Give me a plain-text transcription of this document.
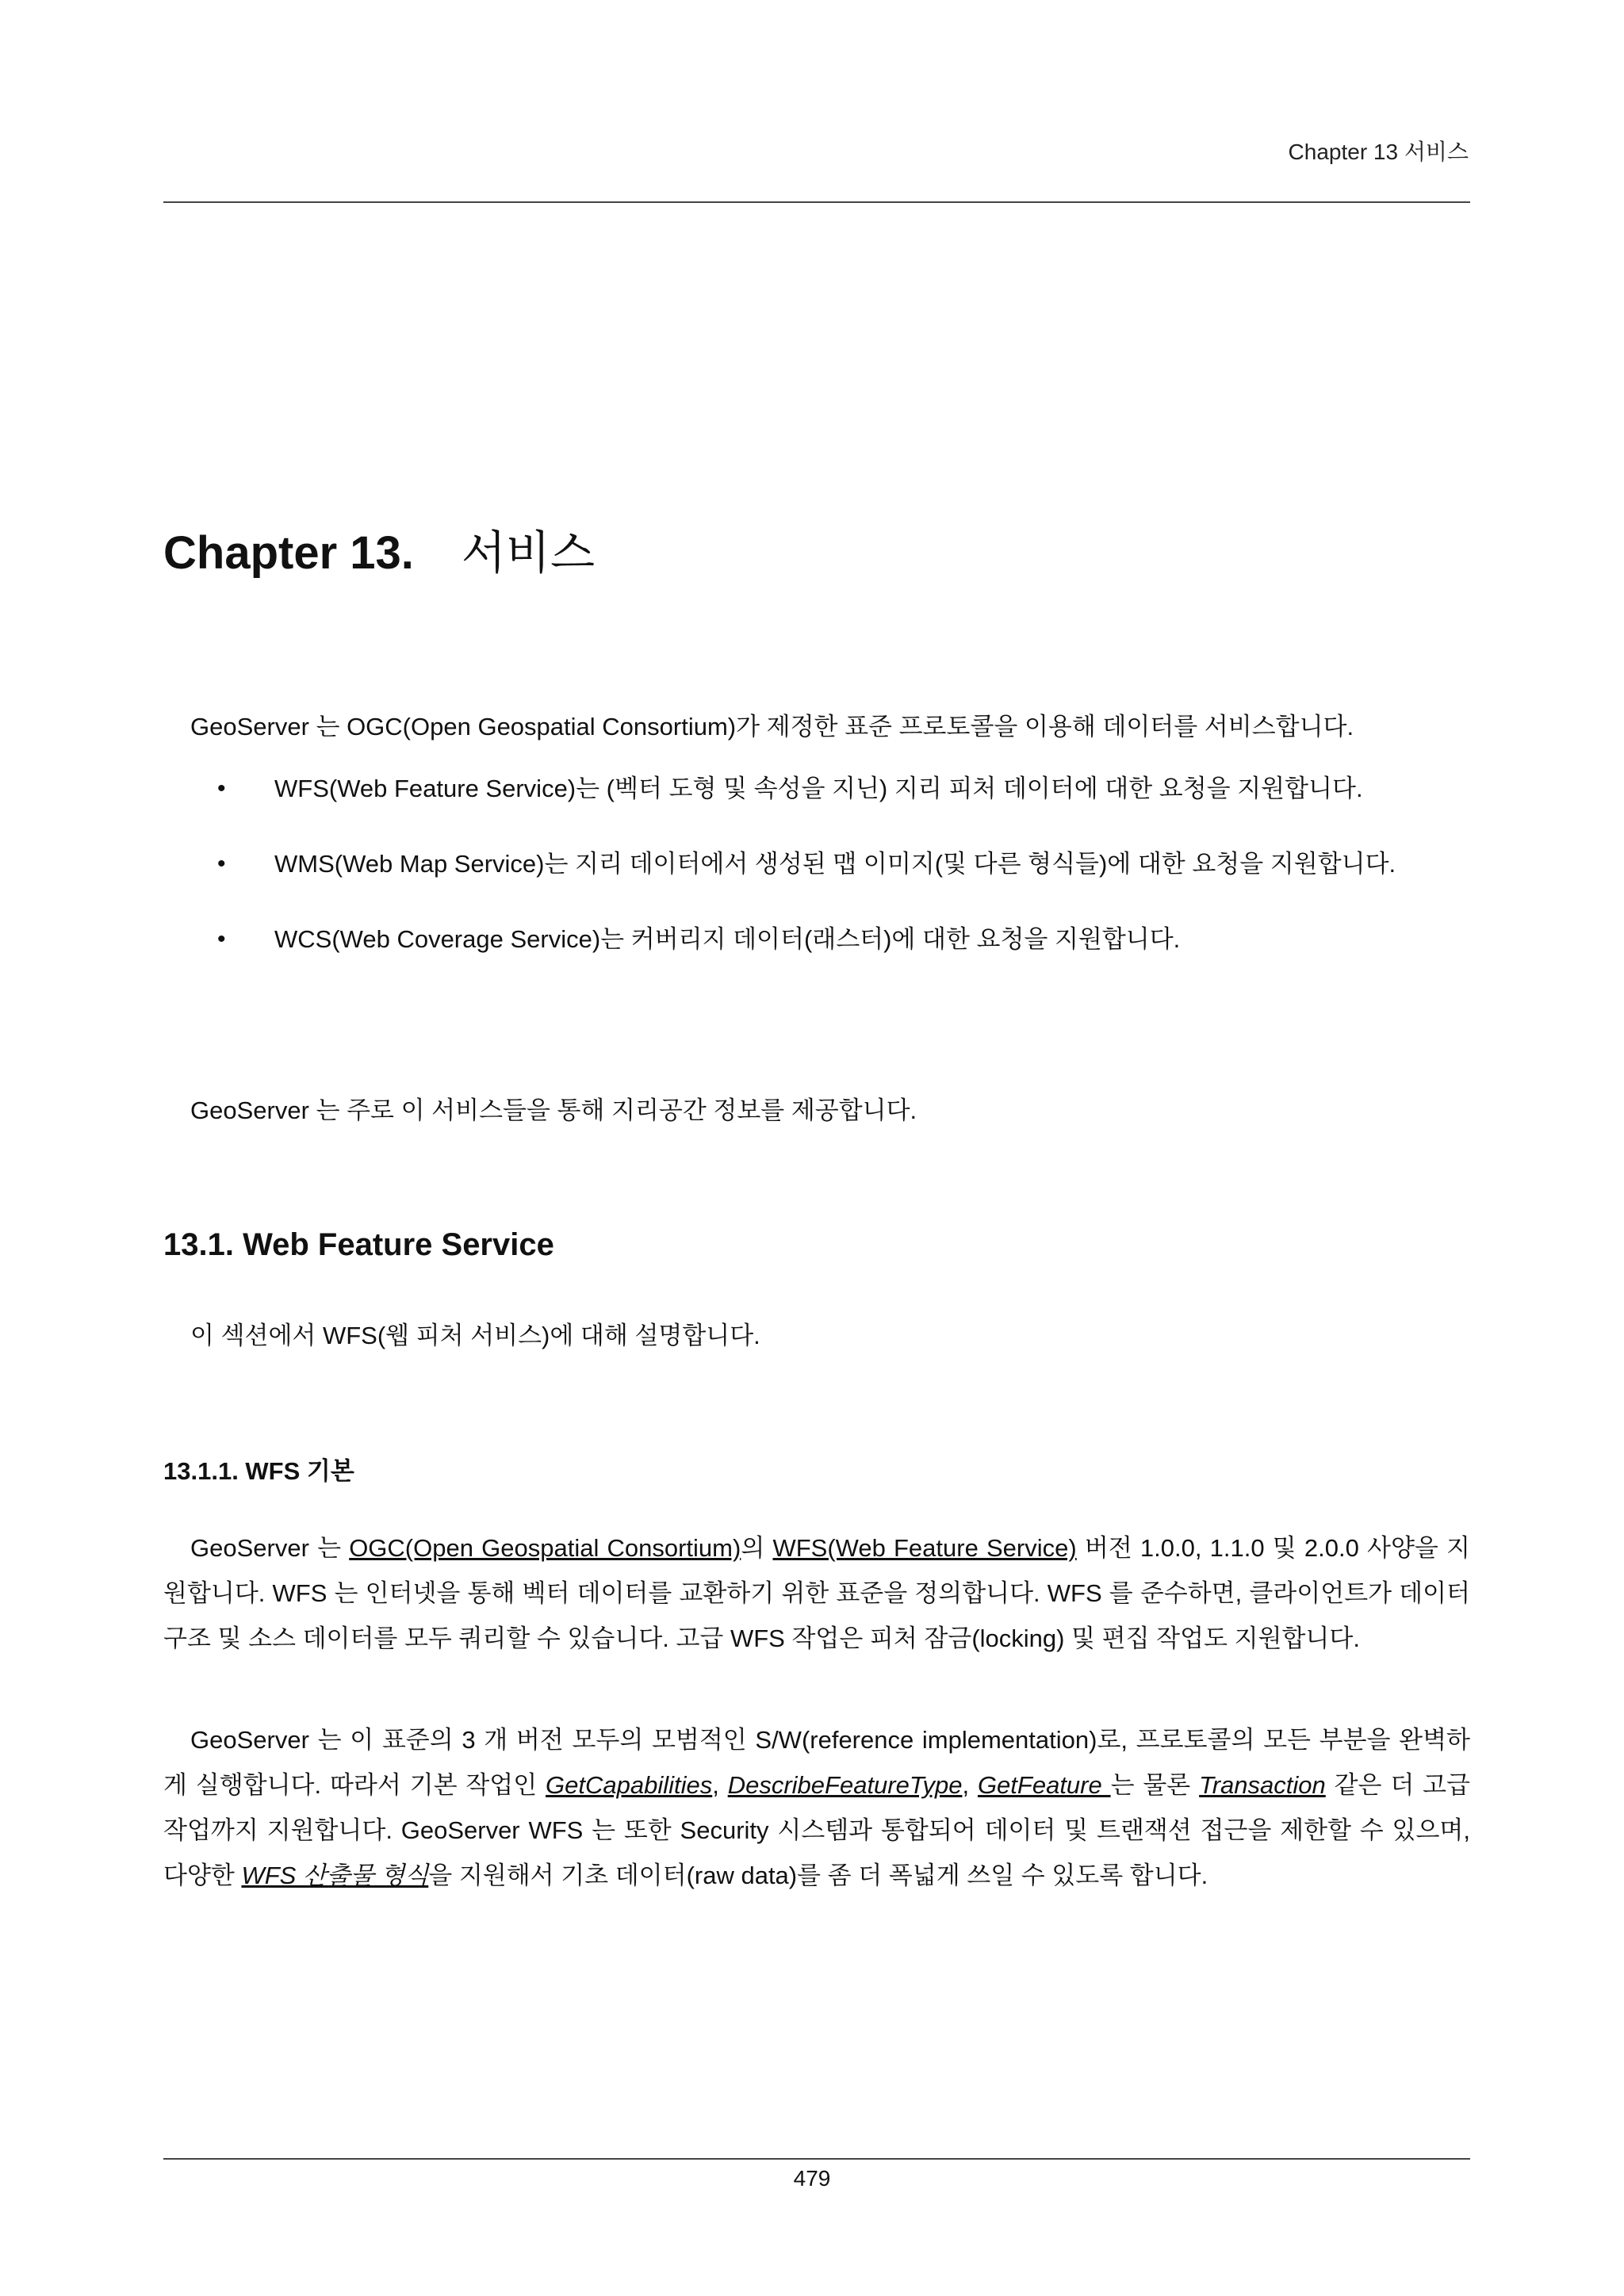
Chapter 13 서비스
Chapter 13. 서비스
GeoServer 는 OGC(Open Geospatial Consortium)가 제정한 표준 프로토콜을 이용해 데이터를 서비스합니다.
• WFS(Web Feature Service)는 (벡터 도형 및 속성을 지닌) 지리 피처 데이터에 대한 요청을 지원합니다.
• WMS(Web Map Service)는 지리 데이터에서 생성된 맵 이미지(및 다른 형식들)에 대한 요청을 지원합니다.
• WCS(Web Coverage Service)는 커버리지 데이터(래스터)에 대한 요청을 지원합니다.
GeoServer 는 주로 이 서비스들을 통해 지리공간 정보를 제공합니다.
13.1. Web Feature Service
이 섹션에서 WFS(웹 피처 서비스)에 대해 설명합니다.
13.1.1. WFS 기본
GeoServer 는 OGC(Open Geospatial Consortium)의 WFS(Web Feature Service) 버전 1.0.0, 1.1.0 및 2.0.0 사양을 지원합니다. WFS 는 인터넷을 통해 벡터 데이터를 교환하기 위한 표준을 정의합니다. WFS 를 준수하면, 클라이언트가 데이터 구조 및 소스 데이터를 모두 쿼리할 수 있습니다. 고급 WFS 작업은 피처 잠금(locking) 및 편집 작업도 지원합니다.
GeoServer 는 이 표준의 3 개 버전 모두의 모범적인 S/W(reference implementation)로, 프로토콜의 모든 부분을 완벽하게 실행합니다. 따라서 기본 작업인 GetCapabilities, DescribeFeatureType, GetFeature 는 물론 Transaction 같은 더 고급 작업까지 지원합니다. GeoServer WFS 는 또한 Security 시스템과 통합되어 데이터 및 트랜잭션 접근을 제한할 수 있으며, 다양한 WFS 산출물 형식을 지원해서 기초 데이터(raw data)를 좀 더 폭넓게 쓰일 수 있도록 합니다.
479
